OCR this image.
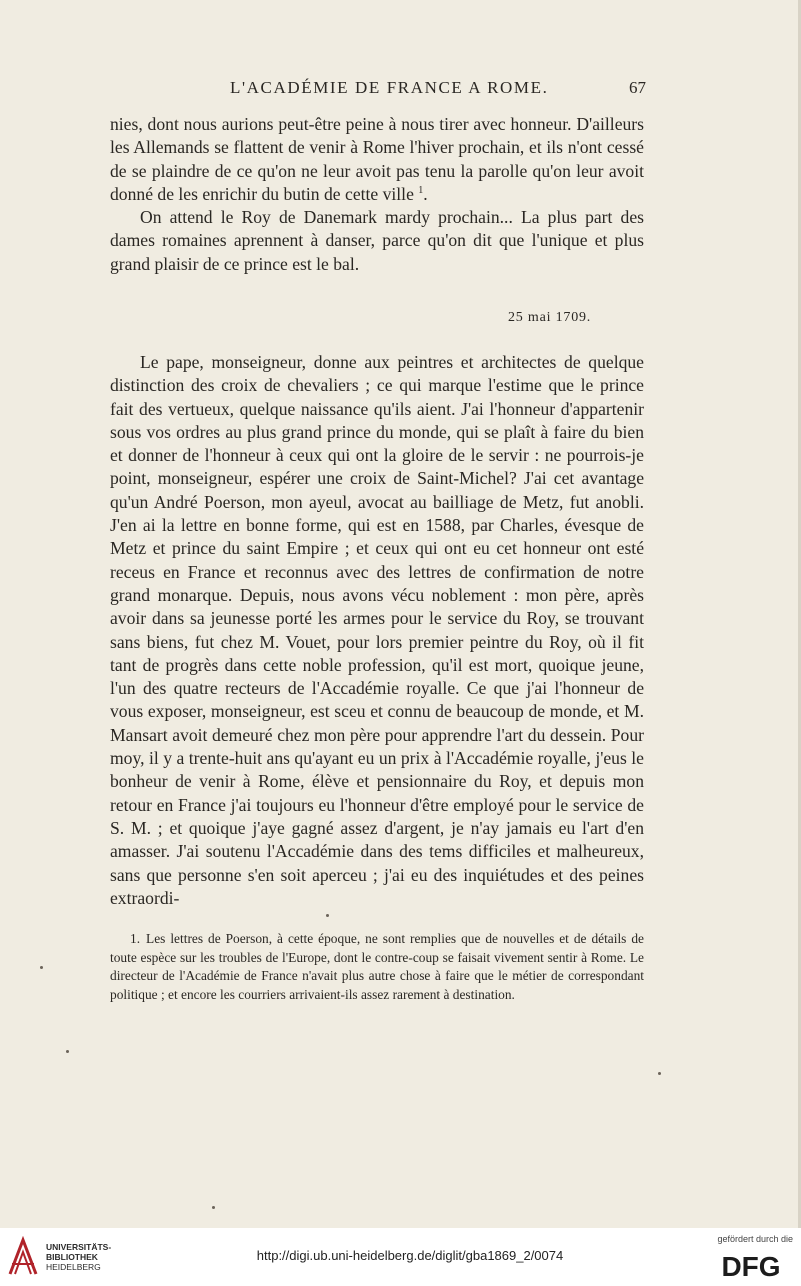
L'ACADÉMIE DE FRANCE A ROME.	67

nies, dont nous aurions peut-être peine à nous tirer avec honneur. D'ailleurs les Allemands se flattent de venir à Rome l'hiver prochain, et ils n'ont cessé de se plaindre de ce qu'on ne leur avoit pas tenu la parolle qu'on leur avoit donné de les enrichir du butin de cette ville $^1$.

On attend le Roy de Danemark mardy prochain... La plus part des dames romaines aprennent à danser, parce qu'on dit que l'unique et plus grand plaisir de ce prince est le bal.

25 mai 1709.

Le pape, monseigneur, donne aux peintres et architectes de quelque distinction des croix de chevaliers ; ce qui marque l'estime que le prince fait des vertueux, quelque naissance qu'ils aient. J'ai l'honneur d'appartenir sous vos ordres au plus grand prince du monde, qui se plaît à faire du bien et donner de l'honneur à ceux qui ont la gloire de le servir : ne pourrois-je point, monseigneur, espérer une croix de Saint-Michel? J'ai cet avantage qu'un André Poerson, mon ayeul, avocat au bailliage de Metz, fut anobli. J'en ai la lettre en bonne forme, qui est en 1588, par Charles, évesque de Metz et prince du saint Empire ; et ceux qui ont eu cet honneur ont esté receus en France et reconnus avec des lettres de confirmation de notre grand monarque. Depuis, nous avons vécu noblement : mon père, après avoir dans sa jeunesse porté les armes pour le service du Roy, se trouvant sans biens, fut chez M. Vouet, pour lors premier peintre du Roy, où il fit tant de progrès dans cette noble profession, qu'il est mort, quoique jeune, l'un des quatre recteurs de l'Accadémie royalle. Ce que j'ai l'honneur de vous exposer, monseigneur, est sceu et connu de beaucoup de monde, et M. Mansart avoit demeuré chez mon père pour apprendre l'art du dessein. Pour moy, il y a trente-huit ans qu'ayant eu un prix à l'Accadémie royalle, j'eus le bonheur de venir à Rome, élève et pensionnaire du Roy, et depuis mon retour en France j'ai toujours eu l'honneur d'être employé pour le service de S. M. ; et quoique j'aye gagné assez d'argent, je n'ay jamais eu l'art d'en amasser. J'ai soutenu l'Accadémie dans des tems difficiles et malheureux, sans que personne s'en soit aperceu ; j'ai eu des inquiétudes et des peines extraordi-

1. Les lettres de Poerson, à cette époque, ne sont remplies que de nouvelles et de détails de toute espèce sur les troubles de l'Europe, dont le contre-coup se faisait vivement sentir à Rome. Le directeur de l'Académie de France n'avait plus autre chose à faire que le métier de correspondant politique ; et encore les courriers arrivaient-ils assez rarement à destination.
UNIVERSITÄTS-
BIBLIOTHEK
HEIDELBERG
http://digi.ub.uni-heidelberg.de/diglit/gba1869_2/0074
gefördert durch die
DFG
